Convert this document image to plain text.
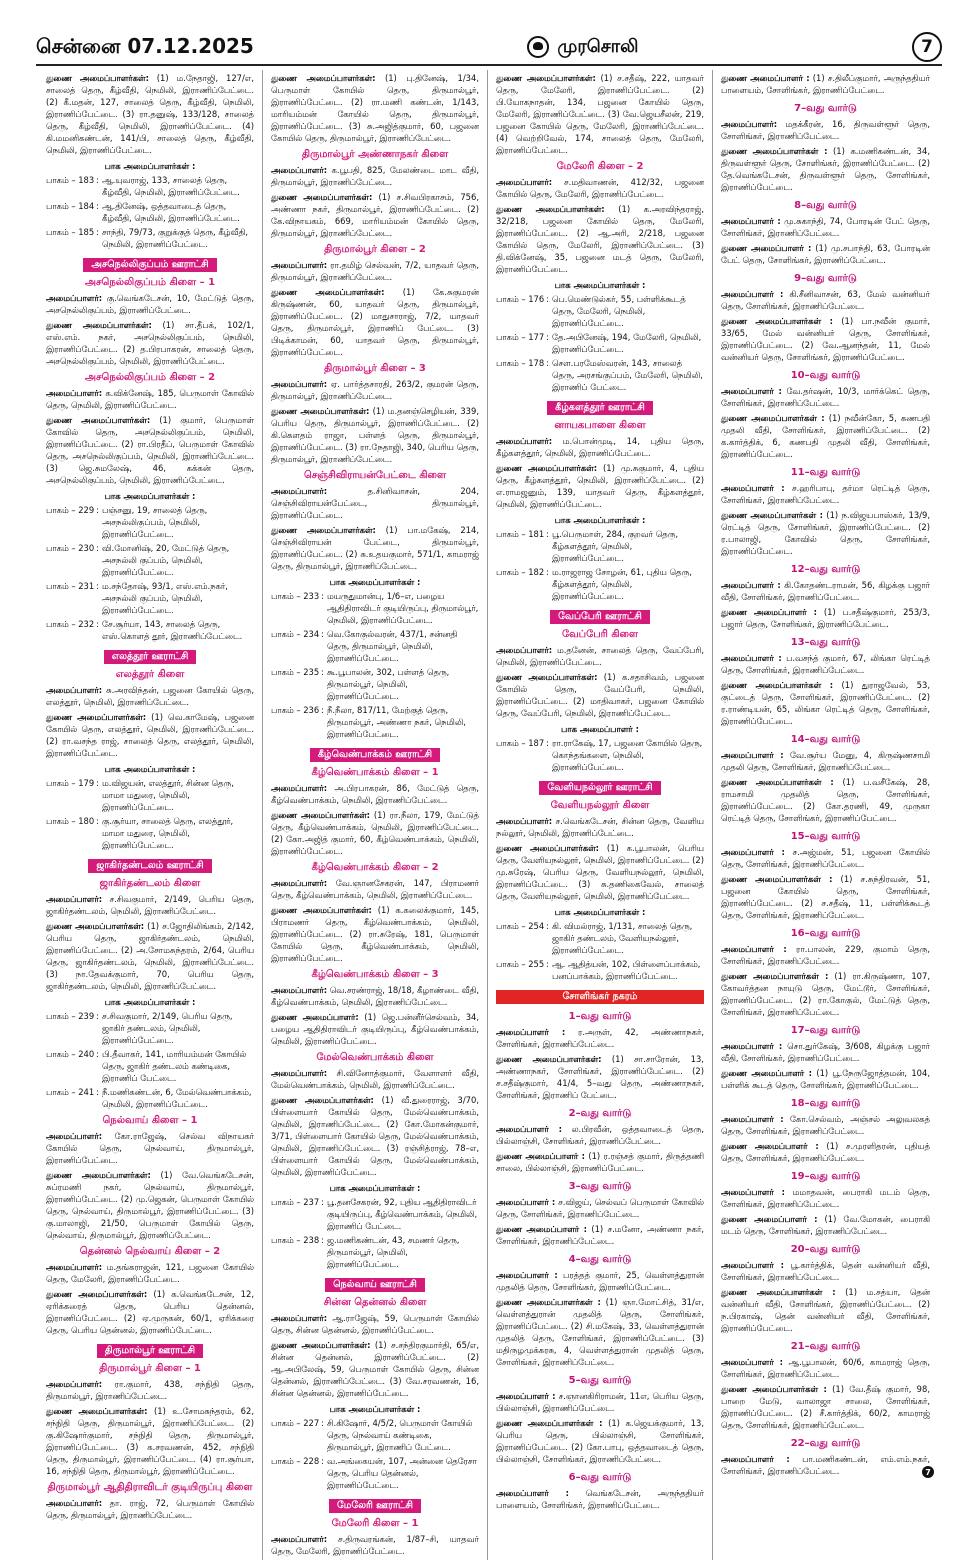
சென்னை 07.12.2025	முரசொலி	7
துணை அமைப்பாளர்கள்: (1) ம.நேதாஜி, 127/எ, சாலைத் தெரு, கீழ்வீதி, நெமிலி, இராணிப்பேட்டை. (2) கீ.மதன், 127, சாலைத் தெரு, கீழ்வீதி, நெமிலி, இராணிப்பேட்டை. (3) ரா.தனுஷ், 133/128, சாலைத் தெரு, கீழ்வீதி, நெமிலி, இராணிப்பேட்டை. (4) கி.மமனிகண்டன், 141/பி, சாலைத் தெரு, கீழ்வீதி, நெமிலி, இராணிப்பேட்டை.
பாக அமைப்பாளர்கள் :
பாகம் – 183 : ஆ.யுவராஜ், 133, சாலைத் தெரு, கீழ்வீதி, நெமிலி, இராணிப்பேட்டை.
பாகம் – 184 : ஆ.தினேஷ், ஒத்தவாடைத் தெரு, கீழ்வீதி, நெமிலி, இராணிப்பேட்டை.
பாகம் – 185 : சாந்தி, 79/73, குறுக்குத் தெரு, கீழ்வீதி, நெமிலி, இராணிப்பேட்டை.
அசநெல்லிகுப்பம் ஊராட்சி
அசநெல்லிகுப்பம் கிளை – 1
அமைப்பாளர்: கு.வெங்கடேசன், 10, மேட்டுத் தெரு, அசநெல்லிகுப்பம், இராணிப்பேட்டை.
துணை அமைப்பாளர்கள்: (1) சா.தீபக், 102/1, எஸ்.எம். நகர், அசநெல்லிகுப்பம், நெமிலி, இராணிப்பேட்டை. (2) த.பிரபாகரன், சாலைத் தெரு, அசநெல்லிகுப்பம், நெமிலி, இராணிப்பேட்டை.
அசநெல்லிகுப்பம் கிளை – 2
அமைப்பாளர்: க.விக்னேஷ், 185, பெருமாள் கோவில் தெரு, நெமிலி, இராணிப்பேட்டை.
துணை அமைப்பாளர்கள்: (1) குமார், பெருமாள் கோவில் தெரு, அசநெல்லிகுப்பம், நெமிலி, இராணிப்பேட்டை. (2) ரா.பிரதீப், பெருமாள் கோவில் தெரு, அசநெல்லிகுப்பம், நெமிலி, இராணிப்பேட்டை. (3) ஜெ.சுமலேஷ், 46, கக்கன் தெரு, அசநெல்லிகுப்பம், நெமிலி, இராணிப்பேட்டை.
பாக அமைப்பாளர்கள் :
பாகம் – 229 : பஞ்சனு, 19, சாலைத் தெரு, அசநல்லிகுப்பம், நெமிலி, இராணிப்பேட்டை.
பாகம் – 230 : வி.மோனிஷ், 20, மேட்டுத் தெரு, அசநல்லி குப்பம், நெமிலி, இராணிப்பேட்டை.
பாகம் – 231 : ம.சந்தோஷ், 93/1, எஸ்.எம்.நகர், அசநல்லி குப்பம், நெமிலி, இராணிப்பேட்டை.
பாகம் – 232 : சே.சூர்யா, 143, சாலைத் தெரு, எஸ்.கொளத் தூர், இராணிப்பேட்டை.
எலத்தூர் ஊராட்சி
எலத்தூர் கிளை
அமைப்பாளர்: சு.அரவிந்தன், பஜனை கோயில் தெரு, எலத்தூர், நெமிலி, இராணிப்பேட்டை.
துணை அமைப்பாளர்கள்: (1) வெ.காமேஷ், பஜனை கோயில் தெரு, எலத்தூர், நெமிலி, இராணிப்பேட்டை. (2) ரா.வசந்த ராஜ், சாலைத் தெரு, எலத்தூர், நெமிலி, இராணிப்பேட்டை.
பாக அமைப்பாளர்கள் :
பாகம் – 179 : ம.விஜயன், எலத்தூர், சின்ன தெரு, மாமா மதுரை, நெமிலி, இராணிப்பேட்டை.
பாகம் – 180 : கு.சூர்யா, சாலைத் தெரு, எலத்தூர், மாமா மதுரை, நெமிலி, இராணிப்பேட்டை.
ஜாகிர்தண்டலம் ஊராட்சி
ஜாகிர்தண்டலம் கிளை
அமைப்பாளர்: ச.சிவகுமார், 2/149, பெரிய தெரு, ஜாகிர்தண்டலம், நெமிலி, இராணிப்பேட்டை.
துணை அமைப்பாளர்கள்: (1) ச.ஜோதிலிங்கம், 2/142, பெரிய தெரு, ஜாகிர்தண்டலம், நெமிலி, இராணிப்பேட்டை. (2) அ.சோமசுந்தரம், 2/64, பெரிய தெரு, ஜாகிர்தண்டலம், நெமிலி, இராணிப்பேட்டை. (3) நா.தேவக்குமார், 70, பெரிய தெரு, ஜாகிர்தண்டலம், நெமிலி, இராணிப்பேட்டை.
பாக அமைப்பாளர்கள் :
பாகம் – 239 : ச.சிவகுமார், 2/149, பெரிய தெரு, ஜாகிர் தண்டலம், நெமிலி, இராணிப்பேட்டை.
பாகம் – 240 : பி.தீவாகர், 141, மாரியம்மன் கோயில் தெரு, ஜாகிர் தண்டலம் கண்டிகை, இராணிப் பேட்டை.
பாகம் – 241 : நீ.மணிகண்டன், 6, மேல்வெண்பாக்கம், நெமிலி, இராணிப்பேட்டை.
நெல்வாய் கிளை – 1
அமைப்பாளர்: கோ.ராஜேஷ், செல்வ விநாயகர் கோயில் தெரு, நெல்வாய், திருமால்பூர், இராணிப்பேட்டை.
துணை அமைப்பாளர்கள்: (1) வே.வெங்கடேசன், சுப்ரமணி நகர், நெல்வாய், திருமால்பூர், இராணிப்பேட்டை. (2) மு.ஜெகன், பெருமாள் கோயில் தெரு, நெல்வாய், திருமால்பூர், இராணிப்பேட்டை. (3) கு.மாலாஜி, 21/50, பெருமாள் கோயில் தெரு, நெல்வாய், திருமால்பூர், இராணிப்பேட்டை.
தென்னல் நெல்வாய் கிளை – 2
அமைப்பாளர்: ம.தங்கராஜன், 121, பஜனை கோயில் தெரு, மேலேரி, இராணிப்பேட்டை.
துணை அமைப்பாளர்கள்: (1) க.வெங்கடேசன், 12, ஏரிக்கரைத் தெரு, பெரிய தென்னல், இராணிப்பேட்டை. (2) ஏ.முருகன், 60/1, ஏரிக்கரை தெரு, பெரிய தென்னல், இராணிப்பேட்டை.
திருமால்பூர் ஊராட்சி
திருமால்பூர் கிளை – 1
அமைப்பாளர்: ரா.குமார், 438, சந்நிதி தெரு, திருமால்பூர், இராணிப்பேட்டை.
துணை அமைப்பாளர்கள்: (1) உ.சோமசுந்தரம், 62, சந்நிதி தெரு, திருமால்பூர், இராணிப்பேட்டை. (2) கு.கிஷோர்குமார், சந்நிதி தெரு, திருமால்பூர், இராணிப்பேட்டை. (3) க.சரவணன், 452, சந்நிதி தெரு, திருமால்பூர், இராணிப்பேட்டை. (4) ரா.சூர்யா, 16, சந்நிதி தெரு, திருமால்பூர், இராணிப்பேட்டை.
திருமால்பூர் ஆதிதிராவிடர் குடியிருப்பு கிளை
அமைப்பாளர்: தா. ராஜ், 72, பெருமாள் கோயில் தெரு, திருமால்பூர், இராணிப்பேட்டை.
துணை அமைப்பாளர்கள்: (1) பு.தினேஷ், 1/34, பெருமாள் கோயில் தெரு, திருமால்பூர், இராணிப்பேட்டை. (2) ரா.மணி கண்டன், 1/143, மாரியம்மன் கோயில் தெரு, திருமால்பூர், இராணிப்பேட்டை. (3) சு.அஜித்குமார், 60, பஜனை கோயில் தெரு, திருமால்பூர், இராணிப்பேட்டை.
திருமால்பூர் அண்ணாநகர் கிளை
அமைப்பாளர்: க.பூபதி, 825, மேலண்டை மாட வீதி, திருமால்பூர், இராணிப்பேட்டை.
துணை அமைப்பாளர்கள்: (1) ச.சிவபிரகாசம், 756, அண்ணா நகர், திருமால்பூர், இராணிப்பேட்டை. (2) கே.விநாயகம், 669, மாரியம்மன் கோயில் தெரு, திருமால்பூர், இராணிப்பேட்டை.
திருமால்பூர் கிளை – 2
அமைப்பாளர்: ரா.தமிழ் செல்வன், 7/2, யாதவர் தெரு, திருமால்பூர், இராணிப்பேட்டை.
துணை அமைப்பாளர்கள்: (1) கே.சுகுமரன் கிருஷ்ணன், 60, யாதவர் தெரு, திருமால்பூர், இராணிப்பேட்டை. (2) மாதுசாராஜ், 7/2, யாதவர் தெரு, திருமால்பூர், இராணிப் பேட்டை. (3) பிடிக்காமன், 60, யாதவர் தெரு, திருமால்பூர், இராணிப்பேட்டை.
திருமால்பூர் கிளை – 3
அமைப்பாளர்: ஏ. பார்த்தசாரதி, 263/2, குமரன் தெரு, திருமால்பூர், இராணிப்பேட்டை.
துணை அமைப்பாளர்கள்: (1) ம.தனஞ்செழியன், 339, பெரிய தெரு, திருமால்பூர், இராணிப்பேட்டை. (2) கி.கௌதம் ராஜா, பள்ளத் தெரு, திருமால்பூர், இராணிப்பேட்டை. (3) ரா.நேதாஜி, 340, பெரிய தெரு, திருமால்பூர், இராணிப்பேட்டை.
செஞ்சிவிராயன்பேட்டை கிளை
அமைப்பாளர்:	த.சினிவாசன், 204, செஞ்சிவிராயன்பேட்டை, திருமால்பூர், இராணிப்பேட்டை.
துணை அமைப்பாளர்கள்: (1) பா.மகேஷ், 214, செஞ்சிவிராயன் பேட்டை, திருமால்பூர், இராணிப்பேட்டை. (2) சு.உதயகுமார், 571/1, காமராஜ் தெரு, திருமால்பூர், இராணிப்பேட்டை.
பாக அமைப்பாளர்கள் :
பாகம் – 233 : மயருதுமான்பு, 1/6–எ, பழைய ஆதிதிராவிடர் குடியிருப்பு, திருமால்பூர், நெமிலி, இராணிப்பேட்டை.
பாகம் – 234 : வெ.கோகுல்வரன், 437/1, சன்னதி தெரு, திருமால்பூர், நெமிலி, இராணிப்பேட்டை.
பாகம் – 235 : கூ.பூபாலன், 302, பள்ளத் தெரு, திருமால்பூர், நெமிலி, இராணிப்பேட்டை.
பாகம் – 236 : நீ.நீலா, 817/11, மேற்குத் தெரு, திருமால்பூர், அண்ணா நகர், நெமிலி, இராணிப்பேட்டை.
கீழ்வெண்பாக்கம் ஊராட்சி
கீழ்வெண்பாக்கம் கிளை – 1
அமைப்பாளர்: அ.பிரபாகரன், 86, மேட்டுத் தெரு, கீழ்வெண்பாக்கம், நெமிலி, இராணிப்பேட்டை.
துணை அமைப்பாளர்கள்: (1) ரா.நீலா, 179, மேட்டுத் தெரு, கீழ்வெண்பாக்கம், நெமிலி, இராணிப்பேட்டை. (2) கோ.அஜித் குமார், 60, கீழ்வெண்பாக்கம், நெமிலி, இராணிப்பேட்டை.
கீழ்வெண்பாக்கம் கிளை – 2
அமைப்பாளர்: வே.ஞானசேகரன், 147, பிராமணர் தெரு, கீழ்வெண்பாக்கம், நெமிலி, இராணிப்பேட்டை.
துணை அமைப்பாளர்கள்: (1) க.கலைக்குமார், 145, பிராமணர் தெரு, கீழ்வெண்பாக்கம், நெமிலி, இராணிப்பேட்டை. (2) ரா.சுரேஷ், 181, பெருமாள் கோயில் தெரு, கீழ்வெண்பாக்கம், நெமிலி, இராணிப்பேட்டை.
கீழ்வெண்பாக்கம் கிளை – 3
அமைப்பாளர்: வெ.சரண்ராஜ், 18/18, கீழாண்டை வீதி, கீழ்வெண்பாக்கம், நெமிலி, இராணிப்பேட்டை.
துணை அமைப்பாளர்: (1) ஜெ.பன்னீர்செல்வம், 34, பழைய ஆதிதிராவிடர் குடியிருப்பு, கீழ்வெண்பாக்கம், நெமிலி, இராணிப்பேட்டை.
மேல்வெண்பாக்கம் கிளை
அமைப்பாளர்: சி.வினோத்குமார், வேளாளர் வீதி, மேல்வெண்பாக்கம், நெமிலி, இராணிப்பேட்டை.
துணை அமைப்பாளர்கள்: (1) வீ.துரைராஜ், 3/70, பிள்ளையார் கோயில் தெரு, மேல்வெண்பாக்கம், நெமிலி, இராணிப்பேட்டை. (2) கோ.மோகன்குமார், 3/71, பிள்ளையார் கோயில் தெரு, மேல்வெண்பாக்கம், நெமிலி, இராணிப்பேட்டை. (3) ரஞ்சித்ராஜ், 78–எ, பிள்ளையார் கோயில் தெரு, மேல்வெண்பாக்கம், நெமிலி, இராணிப்பேட்டை.
பாக அமைப்பாளர்கள் :
பாகம் – 237 : பூ.தனசேகரன், 92, புதிய ஆதிதிராவிடர் குடியிருப்பு, கீழ்வெண்பாக்கம், நெமிலி, இராணிப் பேட்டை.
பாகம் – 238 : ஜ.மணிகண்டன், 43, சமணர் தெரு, திருமால்பூர், நெமிலி, இராணிப்பேட்டை.
நெல்வாய் ஊராட்சி
சின்ன தென்னல் கிளை
அமைப்பாளர்: ஆ.ராஜேஷ், 59, பெருமாள் கோயில் தெரு, சின்ன தென்னல், இராணிப்பேட்டை.
துணை அமைப்பாளர்கள்: (1) ச.சந்திரகுமார்தி, 65/எ, சின்ன தென்னல், இராணிப்பேட்டை. (2) ஆ.அபிலேஷ், 59, பெருமாள் கோயில் தெரு, சின்ன தென்னல், இராணிப்பேட்டை. (3) வே.சரவணன், 16, சின்ன தென்னல், இராணிப்பேட்டை.
பாக அமைப்பாளர்கள் :
பாகம் – 227 : சி.கிஷோர், 4/5/2, பெருமாள் கோயில் தெரு, நெல்வாய் கண்டிகை, திருமால்பூர், இராணிப் பேட்டை.
பாகம் – 228 : வ.அங்கையன், 107, அன்னை தெரேசா தெரு, பெரிய தென்னல், இராணிப்பேட்டை.
மேலேரி ஊராட்சி
மேலேரி கிளை – 1
அமைப்பாளர்: ச.திருவரங்கன், 1/87–சி, யாதவர் தெரு, மேலேரி, இராணிப்பேட்டை.
துணை அமைப்பாளர்கள்: (1) ச.சதீஷ், 222, யாதவர் தெரு, மேலேரி, இராணிப்பேட்டை. (2) பி.யோகநாதன், 134, பஜனை கோயில் தெரு, மேலேரி, இராணிப்பேட்டை. (3) வே.ஜெயசீலன், 219, பஜனை கோயில் தெரு, மேலேரி, இராணிப்பேட்டை. (4) வெற்றிவேல், 174, சாலைத் தெரு, மேலேரி, இராணிப்பேட்டை.
மேலேரி கிளை – 2
அமைப்பாளர்: ச.மதிவாணன், 412/32, பஜனை கோயில் தெரு, மேலேரி, இராணிப்பேட்டை.
துணை அமைப்பாளர்கள்: (1) க.அரவிந்தராஜ், 32/218, பஜனை கோயில் தெரு, மேலேரி, இராணிப்பேட்டை. (2) ஆ.அரி, 2/218, பஜனை கோயில் தெரு, மேலேரி, இராணிப்பேட்டை. (3) தி.விக்னேஷ், 35, பஜனை மடத் தெரு, மேலேரி, இராணிப்பேட்டை.
பாக அமைப்பாளர்கள் :
பாகம் – 176 : பெ.மெண்டுல்கர், 55, பள்ளிக்கூடத் தெரு, மேலேரி, நெமிலி, இராணிப்பேட்டை.
பாகம் – 177 : தே.அபினேஷ், 194, மேலேரி, நெமிலி, இராணிப்பேட்டை.
பாகம் – 178 : சௌ.பரமேஸ்வரன், 143, சாலைத் தெரு, அரசங்குப்பம், மேலேரி, நெமிலி, இராணிப் பேட்டை.
கீழ்களத்தூர் ஊராட்சி
னாயகபாளை கிளை
அமைப்பாளர்: ம.பொன்முடி, 14, புதிய தெரு, கீழ்களத்தூர், நெமிலி, இராணிப்பேட்டை.
துணை அமைப்பாளர்கள்: (1) மு.சுகுமார், 4, புதிய தெரு, கீழ்களத்தூர், நெமிலி, இராணிப்பேட்டை. (2) எ.ராமஜனும், 139, யாதவர் தெரு, கீழ்களத்தூர், நெமிலி, இராணிப்பேட்டை.
பாக அமைப்பாளர்கள் :
பாகம் – 181 : பூ.பெருமாள், 284, குறவர் தெரு, கீழ்களத்தூர், நெமிலி, இராணிப்பேட்டை.
பாகம் – 182 : ம.ராஜராஜ சோழன், 61, புதிய தெரு, கீழ்களத்தூர், நெமிலி, இராணிப்பேட்டை.
வேப்பேரி ஊராட்சி
வேப்பேரி கிளை
அமைப்பாளர்: ம.தனேன், சாலைத் தெரு, வேப்பேரி, நெமிலி, இராணிப்பேட்டை.
துணை அமைப்பாளர்கள்: (1) க.சதாசிவம், பஜனை கோயில் தெரு, வேப்பேரி, நெமிலி, இராணிப்பேட்டை. (2) மாதிவாகர், பஜனை கோயில் தெரு, வேப்பேரி, நெமிலி, இராணிப்பேட்டை.
பாக அமைப்பாளர் :
பாகம் – 187 : ரா.ராகேஷ், 17, பஜனை கோயில் தெரு, கொந்தங்களை, நெமிலி, இராணிப்பேட்டை.
வேளியநல்லூர் ஊராட்சி
வேளியநல்லூர் கிளை
அமைப்பாளர்: ச.வெங்கடேசன், சின்ன தெரு, வேளிய நல்லூர், நெமிலி, இராணிப்பேட்டை.
துணை அமைப்பாளர்கள்: (1) க.பூபாலன், பெரிய தெரு, வேளியநல்லூர், நெமிலி, இராணிப்பேட்டை. (2) மு.சுரேஷ், பெரிய தெரு, வேளியநல்லூர், நெமிலி, இராணிப்பேட்டை. (3) சு.தணிகைவேல், சாலைத் தெரு, வேளியநல்லூர், நெமிலி, இராணிப்பேட்டை.
பாக அமைப்பாளர்கள் :
பாகம் – 254 : கி. விமல்ராஜ், 1/131, சாலைத் தெரு, ஜாகிர் தண்டலம், வேளியநல்லூர், இராணிப்பேட்டை.
பாகம் – 255 : ஆ. ஆதித்யன், 102, பிள்ளைப்பாக்கம், பனப்பாக்கம், இராணிப்பேட்டை.
சோளிங்கர் நகரம்
1–வது வார்டு
அமைப்பாளர் : ர.அருள், 42, அண்ணாநகர், சோளிங்கர், இராணிப்பேட்டை.
துணை அமைப்பாளர்கள்: (1) சா.சாரோன், 13, அண்ணாநகர், சோளிங்கர், இராணிப்பேட்டை. (2) ச.சதீஷ்குமார், 41/4, 5–வது தெரு, அண்ணாநகர், சோளிங்கர், இராணிப் பேட்டை.
2–வது வார்டு
அமைப்பாளர் : ல.பிரவீன், ஒத்தவாடைத் தெரு, பில்லாஞ்சி, சோளிங்கர், இராணிப்பேட்டை.
துணை அமைப்பாளர் : (1) ர.ரஞ்சத் குமார், திருத்தணி சாலை, பில்லாஞ்சி, இராணிப்பேட்டை.
3–வது வார்டு
அமைப்பாளர் : ச.விஜய், செல்வப் பெருமாள் கோவில் தெரு, சோளிங்கர், இராணிப்பேட்டை.
துணை அமைப்பாளர் : (1) ச.மனோ, அண்ணா நகர், சோளிங்கர், இராணிப்பேட்டை.
4–வது வார்டு
அமைப்பாளர் : பரத்தத் குமார், 25, வெள்ளத்துரான் முதலித் தெரு, சோளிங்கர், இராணிப்பேட்டை.
துணை அமைப்பாளர்கள் : (1) ஞா.மோட்சித், 31/எ, வெள்ளத்துரான் முதலித் தெரு, சோளிங்கர், இராணிப்பேட்டை. (2) சி.மகேஷ், 33, வெள்ளத்துரான் முதலித் தெரு, சோளிங்கர், இராணிப்பேட்டை. (3) மதிருழமுக்கரசு, 4, வெள்ளத்துரான் முதலித் தெரு, சோளிங்கர், இராணிப்பேட்டை.
5–வது வார்டு
அமைப்பாளர் : ச.ஞானகிரிராமன், 11எ, பெரிய தெரு, பில்லாஞ்சி, இராணிப்பேட்டை.
துணை அமைப்பாளர்கள் : (1) க.ஜெயக்குமார், 13, பெரிய தெரு, பில்லாஞ்சி, சோளிங்கர், இராணிப்பேட்டை. (2) கோ.பாபு, ஒத்தவாடைத் தெரு, பில்லாஞ்சி, சோளிங்கர், இராணிப்பேட்டை.
6–வது வார்டு
அமைப்பாளர் : வெங்கடேசன், அருந்ததியர் பாளையம், சோளிங்கர், இராணிப்பேட்டை.
துணை அமைப்பாளர் : (1) ச.திலீப்குமார், அருந்ததியர் பாளையம், சோளிங்கர், இராணிப்பேட்டை.
7–வது வார்டு
அமைப்பாளர்: மதக்கீரன், 16, திருவள்ளூர் தெரு, சோளிங்கர், இராணிப்பேட்டை.
துணை அமைப்பாளர்கள் : (1) க.மணிகண்டன், 34, திருவள்ளூர் தெரு, சோளிங்கர், இராணிப்பேட்டை. (2) தே.வெங்கடேசன், திருவள்ளூர் தெரு, சோளிங்கர், இராணிப்பேட்டை.
8–வது வார்டு
அமைப்பாளர் : மு.சுகாந்தி, 74, போரடின் பேட் தெரு, சோளிங்கர், இராணிப்பேட்டை.
துணை அமைப்பாளர் : (1) மு.சபாந்தி, 63, போரடின் பேட் தெரு, சோளிங்கர், இராணிப்பேட்டை.
9–வது வார்டு
அமைப்பாளர் : கி.சீனிவாசன், 63, மேல் வன்னியர் தெரு, சோளிங்கர், இராணிப்பேட்டை.
துணை அமைப்பாளர்கள் : (1) பா.நவீன் குமார், 33/65, மேல் வன்னியர் தெரு, சோளிங்கர், இராணிப்பேட்டை. (2) வே.ஆனந்தன், 11, மேல் வன்னியர் தெரு, சோளிங்கர், இராணிப்பேட்டை.
10–வது வார்டு
அமைப்பாளர் : வே.தர்ஷன், 10/3, மார்க்கெட் தெரு, சோளிங்கர், இராணிப்பேட்டை.
துணை அமைப்பாளர்கள் : (1) நவீன்கோ, 5, கணபதி முதலி வீதி, சோளிங்கர், இராணிப்பேட்டை. (2) க.கார்த்திக், 6, கணபதி முதலி வீதி, சோளிங்கர், இராணிப்பேட்டை.
11–வது வார்டு
அமைப்பாளர் : ச.ஹரிபாபு, தர்மா ரெட்டித் தெரு, சோளிங்கர், இராணிப்பேட்டை.
துணை அமைப்பாளர்கள் : (1) ந.விஜயபாஸ்கர், 13/9, ரெட்டித் தெரு, சோளிங்கர், இராணிப்பேட்டை. (2) ர.பாலாஜி, கோவில் தெரு, சோளிங்கர், இராணிப்பேட்டை.
12–வது வார்டு
அமைப்பாளர் : கி.கோதண்டராமன், 56, கிழக்கு பஜார் வீதி, சோளிங்கர், இராணிப்பேட்டை.
துணை அமைப்பாளர் : (1) ப.சதீஷ்குமார், 253/3, பஜார் தெரு, சோளிங்கர், இராணிப்பேட்டை.
13–வது வார்டு
அமைப்பாளர் : ப.வசந்த் குமார், 67, லிங்கா ரெட்டித் தெரு, சோளிங்கர், இராணிப்பேட்டை.
துணை அமைப்பாளர்கள் : (1) துராஜவேல், 53, குட்டைத் தெரு, சோளிங்கர், இராணிப்பேட்டை. (2) ர.ராண்டியன், 65, லிங்கா ரெட்டித் தெரு, சோளிங்கர், இராணிப்பேட்டை.
14–வது வார்டு
அமைப்பாளர் : வே.சூர்ய மேனு, 4, கிருஷ்ணசாமி முதலி தெரு, சோளிங்கர், இராணிப்பேட்டை.
துணை அமைப்பாளர்கள் : (1) ப.வசீகேஷ், 28, ராமசாமி முதலித் தெரு, சோளிங்கர், இராணிப்பேட்டை. (2) கோ.தரணி, 49, முருகா ரெட்டித் தெரு, சோளிங்கர், இராணிப்பேட்டை.
15–வது வார்டு
அமைப்பாளர் : ச.அஜ்மன், 51, பஜனை கோயில் தெரு, சோளிங்கர், இராணிப்பேட்டை.
துணை அமைப்பாளர்கள் : (1) ச.சுந்திரவன், 51, பஜனை கோயில் தெரு, சோளிங்கர், இராணிப்பேட்டை. (2) ச.சதீஷ், 11, பள்ளிக்கூடத் தெரு, சோளிங்கர், இராணிப்பேட்டை.
16–வது வார்டு
அமைப்பாளர் : ரா.பாலன், 229, குமாம் தெரு, சோளிங்கர், இராணிப்பேட்டை.
துணை அமைப்பாளர்கள் : (1) ரா.கிருஷ்ணா, 107, கோவர்த்தன நாயுடு தெரு, மேட்டூர், சோளிங்கர், இராணிப்பேட்டை. (2) ரா.கோகுல், மேட்டுத் தெரு, சோளிங்கர், இராணிப்பேட்டை.
17–வது வார்டு
அமைப்பாளர் : சொ.துர்கேஷ், 3/608, கிழக்கு பஜார் வீதி, சோளிங்கர், இராணிப்பேட்டை.
துணை அமைப்பாளர் : (1) பூ.நேருஜோத்தமன், 104, பள்ளிக் கூடத் தெரு, சோளிங்கர், இராணிப்பேட்டை.
18–வது வார்டு
அமைப்பாளர் : கோ.செல்வம், அஞ்சல் அலுவலகத் தெரு, சோளிங்கர், இராணிப்பேட்டை.
துணை அமைப்பாளர் : (1) ச.முரளிதரன், புதியத் தெரு, சோளிங்கர், இராணிப்பேட்டை.
19–வது வார்டு
அமைப்பாளர் : மமாதவன், பைராகி மடம் தெரு, சோளிங்கர், இராணிப்பேட்டை.
துணை அமைப்பாளர் : (1) வே.மோகன், பைராகி மடம் தெரு, சோளிங்கர், இராணிப்பேட்டை.
20–வது வார்டு
அமைப்பாளர் : பூ.கார்த்திக், தென் வன்னியர் வீதி, சோளிங்கர், இராணிப்பேட்டை.
துணை அமைப்பாளர்கள் : (1) ம.சத்யா, தென் வன்னியர் வீதி, சோளிங்கர், இராணிப்பேட்டை. (2) ந.பிரகாஷ், தென் வன்னியர் வீதி, சோளிங்கர், இராணிப்பேட்டை.
21–வது வார்டு
அமைப்பாளர் : ஆ.பூபாலன், 60/6, காமராஜ் தெரு, சோளிங்கர், இராணிப்பேட்டை.
துணை அமைப்பாளர்கள் : (1) வே.தீஷ் குமார், 98, பாறை மேடு, வாலாஜா சாலை, சோளிங்கர், இராணிப்பேட்டை. (2) சீ.கார்த்திக், 60/2, காமராஜ் தெரு, சோளிங்கர், இராணிப்பேட்டை.
22–வது வார்டு
அமைப்பாளர் : பா.மணிகண்டன், எம்.எம்.நகர், சோளிங்கர், இராணிப்பேட்டை.	7
